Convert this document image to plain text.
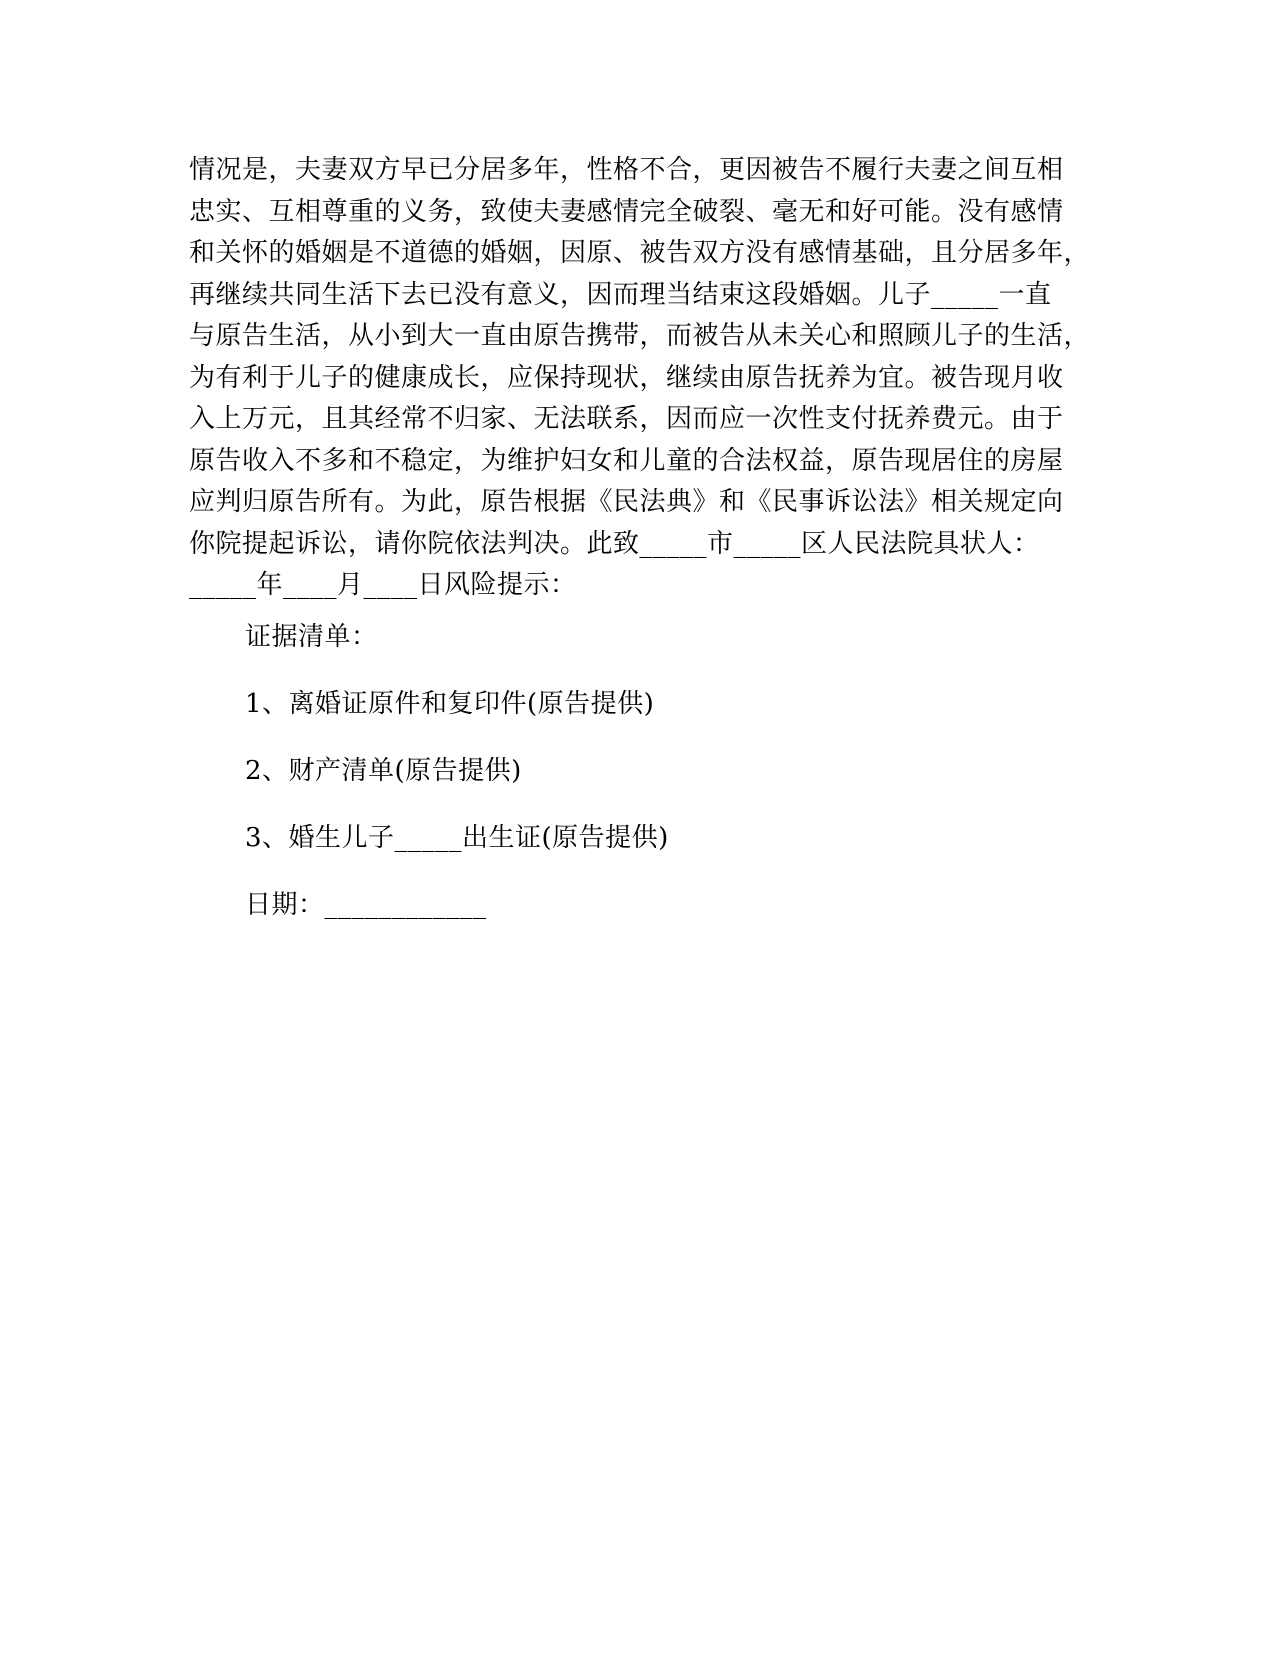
情况是，夫妻双方早已分居多年，性格不合，更因被告不履行夫妻之间互相
忠实、互相尊重的义务，致使夫妻感情完全破裂、毫无和好可能。没有感情
和关怀的婚姻是不道德的婚姻，因原、被告双方没有感情基础，且分居多年，
再继续共同生活下去已没有意义，因而理当结束这段婚姻。儿子_____一直
与原告生活，从小到大一直由原告携带，而被告从未关心和照顾儿子的生活，
为有利于儿子的健康成长，应保持现状，继续由原告抚养为宜。被告现月收
入上万元，且其经常不归家、无法联系，因而应一次性支付抚养费元。由于
原告收入不多和不稳定，为维护妇女和儿童的合法权益，原告现居住的房屋
应判归原告所有。为此，原告根据《民法典》和《民事诉讼法》相关规定向
你院提起诉讼，请你院依法判决。此致_____市_____区人民法院具状人：
_____年____月____日风险提示：
证据清单：
1、离婚证原件和复印件(原告提供)
2、财产清单(原告提供)
3、婚生儿子_____出生证(原告提供)
日期：____________
